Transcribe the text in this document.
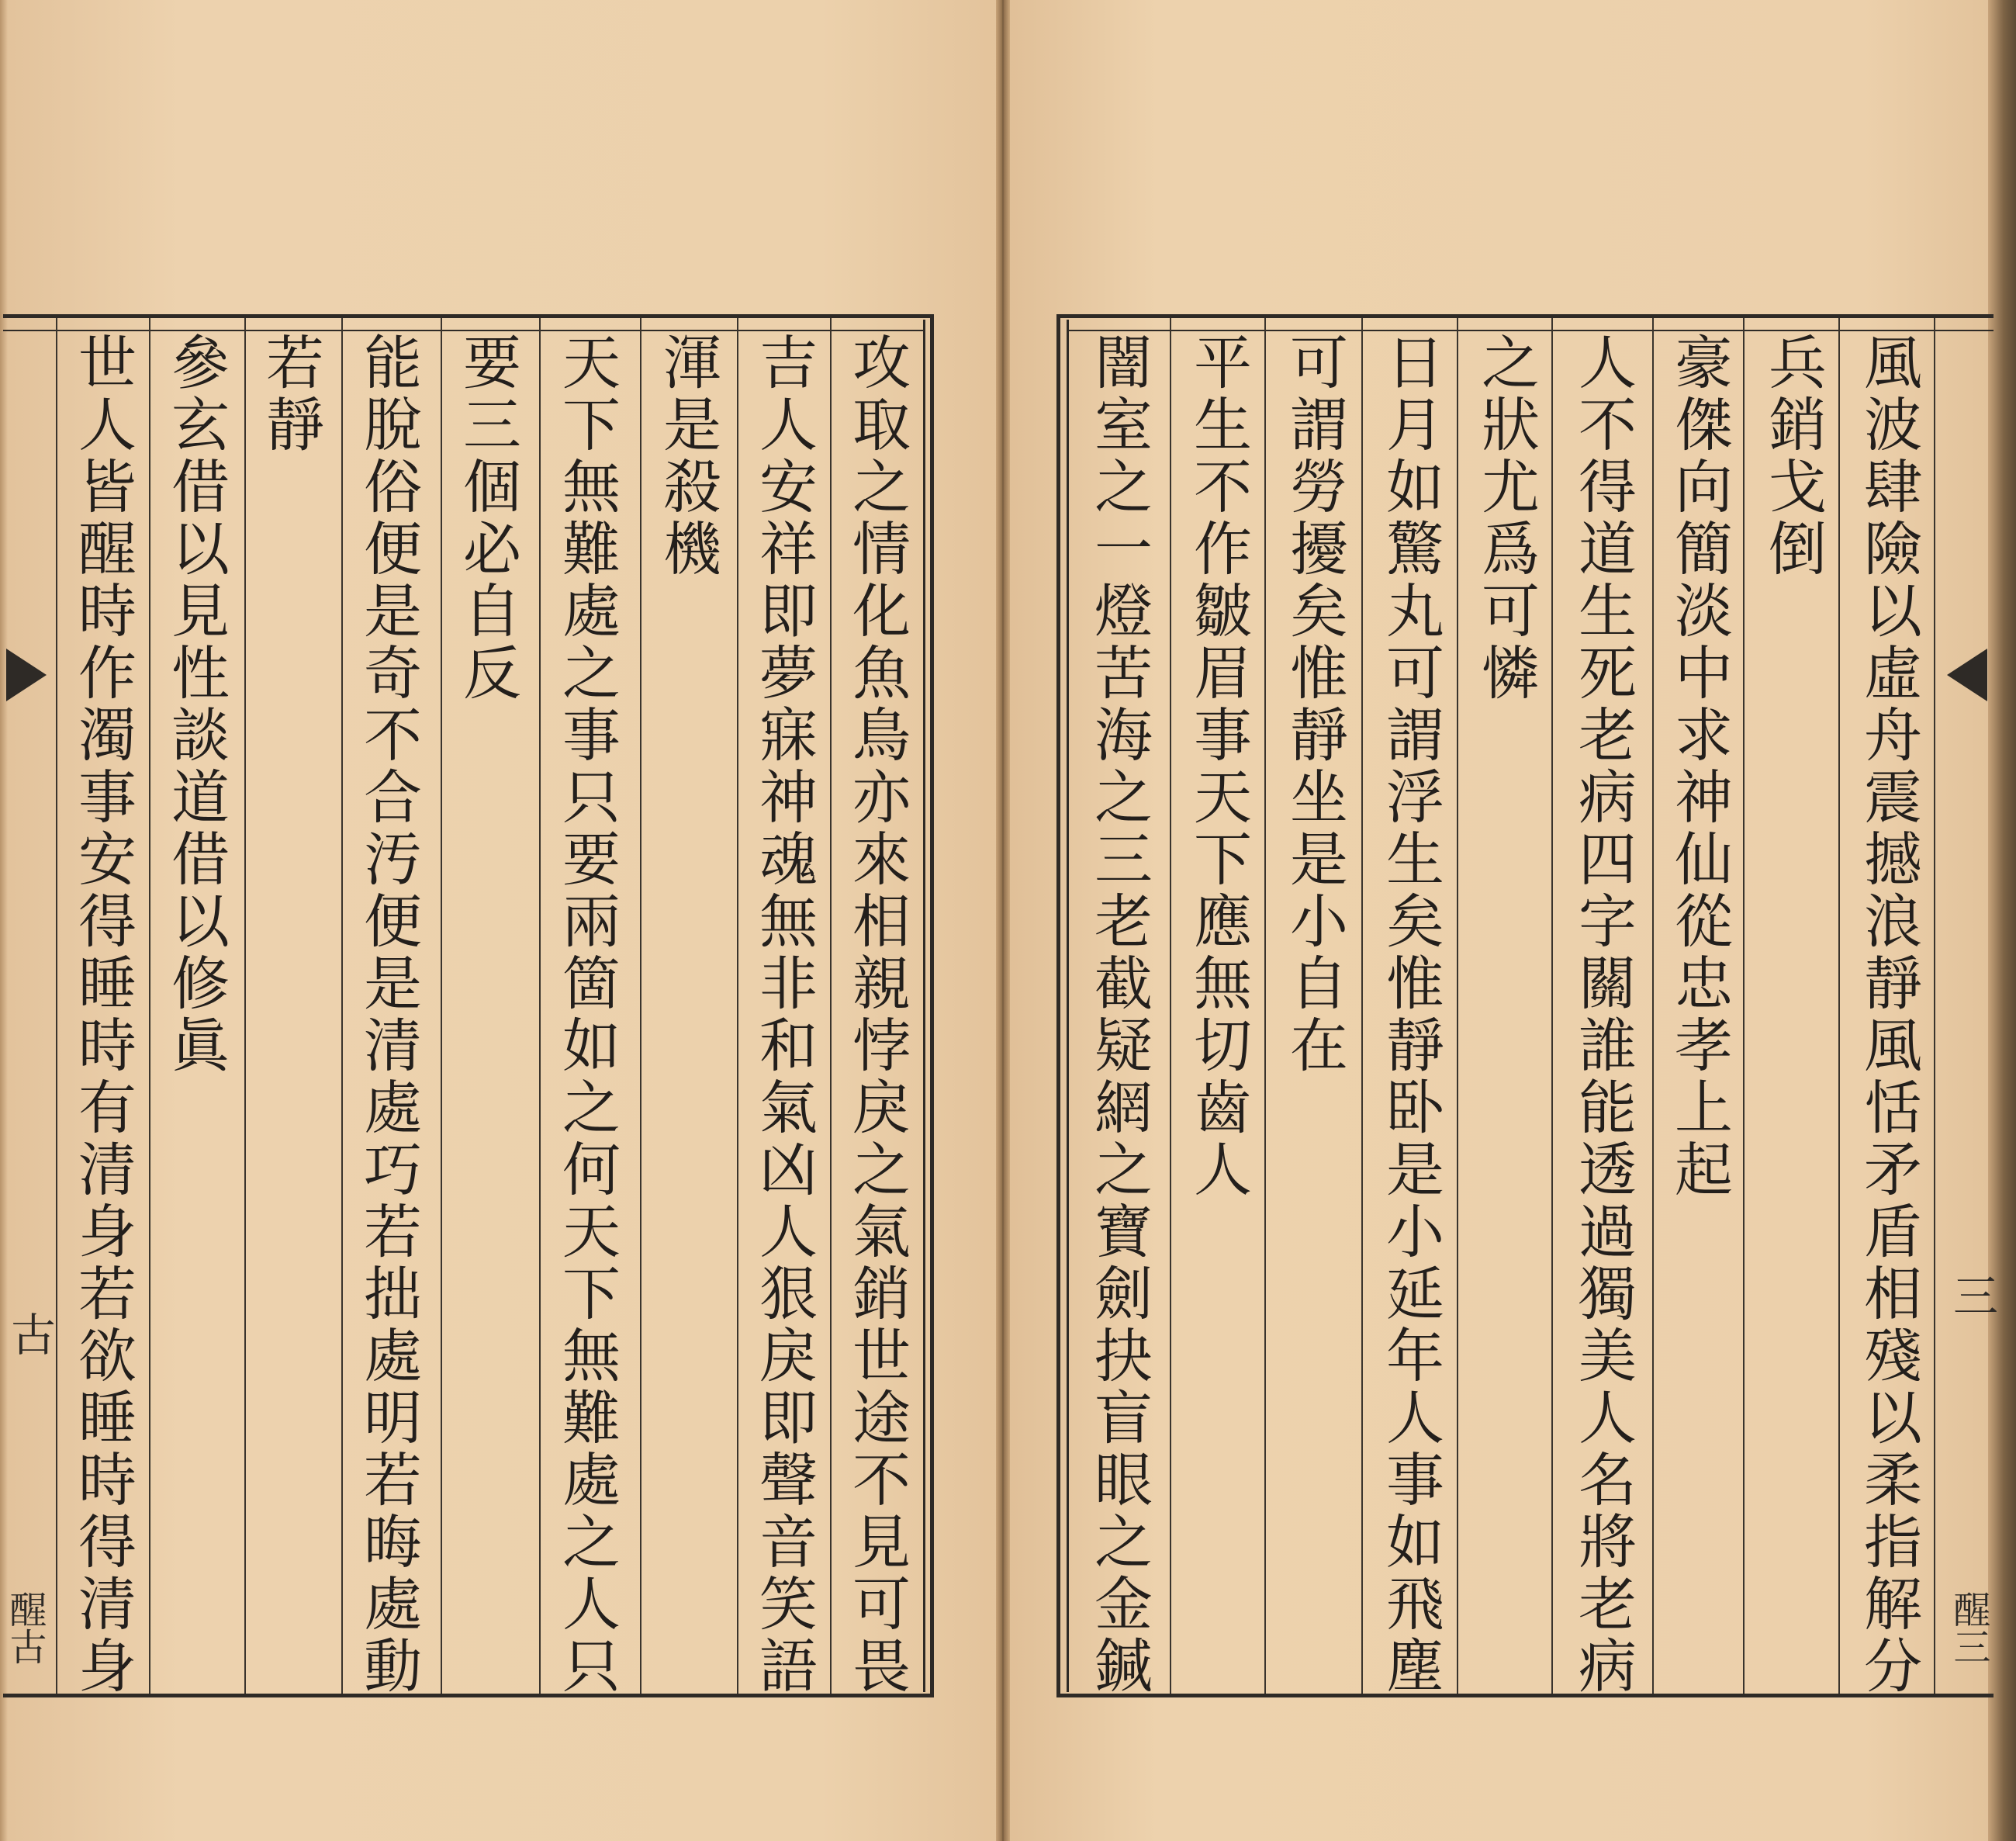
攻取之情化魚鳥亦來相親悖戾之氣銷世途不見可畏
吉人安祥即夢寐神魂無非和氣凶人狠戾即聲音笑語
渾是殺機
天下無難處之事只要兩箇如之何天下無難處之人只
要三個必自反
能脫俗便是奇不合汚便是清處巧若拙處明若晦處動
若靜
參玄借以見性談道借以修眞
世人皆醒時作濁事安得睡時有清身若欲睡時得清身
古
醒古	風波肆險以虛舟震撼浪靜風恬矛盾相殘以柔指解分
兵銷戈倒
豪傑向簡淡中求神仙從忠孝上起
人不得道生死老病四字關誰能透過獨美人名將老病
之狀尤爲可憐
日月如驚丸可謂浮生矣惟靜卧是小延年人事如飛塵
可謂勞擾矣惟靜坐是小自在
平生不作皺眉事天下應無切齒人
闇室之一燈苦海之三老截疑網之寶劍抉盲眼之金鍼	三
醒三
